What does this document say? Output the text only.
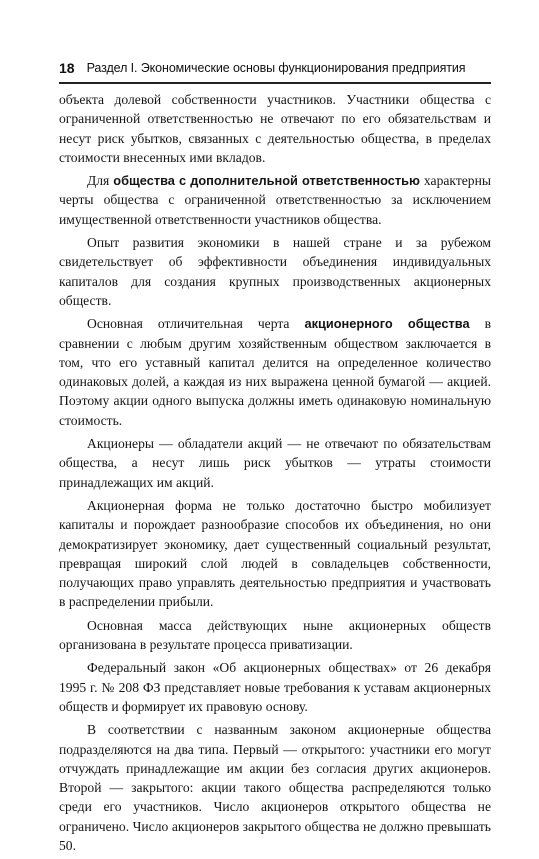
18 Раздел I. Экономические основы функционирования предприятия

объекта долевой собственности участников. Участники общества с ограниченной ответственностью не отвечают по его обязательствам и несут риск убытков, связанных с деятельностью общества, в пределах стоимости внесенных ими вкладов.

Для общества с дополнительной ответственностью характерны черты общества с ограниченной ответственностью за исключением имущественной ответственности участников общества.

Опыт развития экономики в нашей стране и за рубежом свидетельствует об эффективности объединения индивидуальных капиталов для создания крупных производственных акционерных обществ.

Основная отличительная черта акционерного общества в сравнении с любым другим хозяйственным обществом заключается в том, что его уставный капитал делится на определенное количество одинаковых долей, а каждая из них выражена ценной бумагой — акцией. Поэтому акции одного выпуска должны иметь одинаковую номинальную стоимость.

Акционеры — обладатели акций — не отвечают по обязательствам общества, а несут лишь риск убытков — утраты стоимости принадлежащих им акций.

Акционерная форма не только достаточно быстро мобилизует капиталы и порождает разнообразие способов их объединения, но они демократизирует экономику, дает существенный социальный результат, превращая широкий слой людей в совладельцев собственности, получающих право управлять деятельностью предприятия и участвовать в распределении прибыли.

Основная масса действующих ныне акционерных обществ организована в результате процесса приватизации.

Федеральный закон «Об акционерных обществах» от 26 декабря 1995 г. № 208 ФЗ представляет новые требования к уставам акционерных обществ и формирует их правовую основу.

В соответствии с названным законом акционерные общества подразделяются на два типа. Первый — открытого: участники его могут отчуждать принадлежащие им акции без согласия других акционеров. Второй — закрытого: акции такого общества распределяются только среди его участников. Число акционеров открытого общества не ограничено. Число акционеров закрытого общества не должно превышать 50.
